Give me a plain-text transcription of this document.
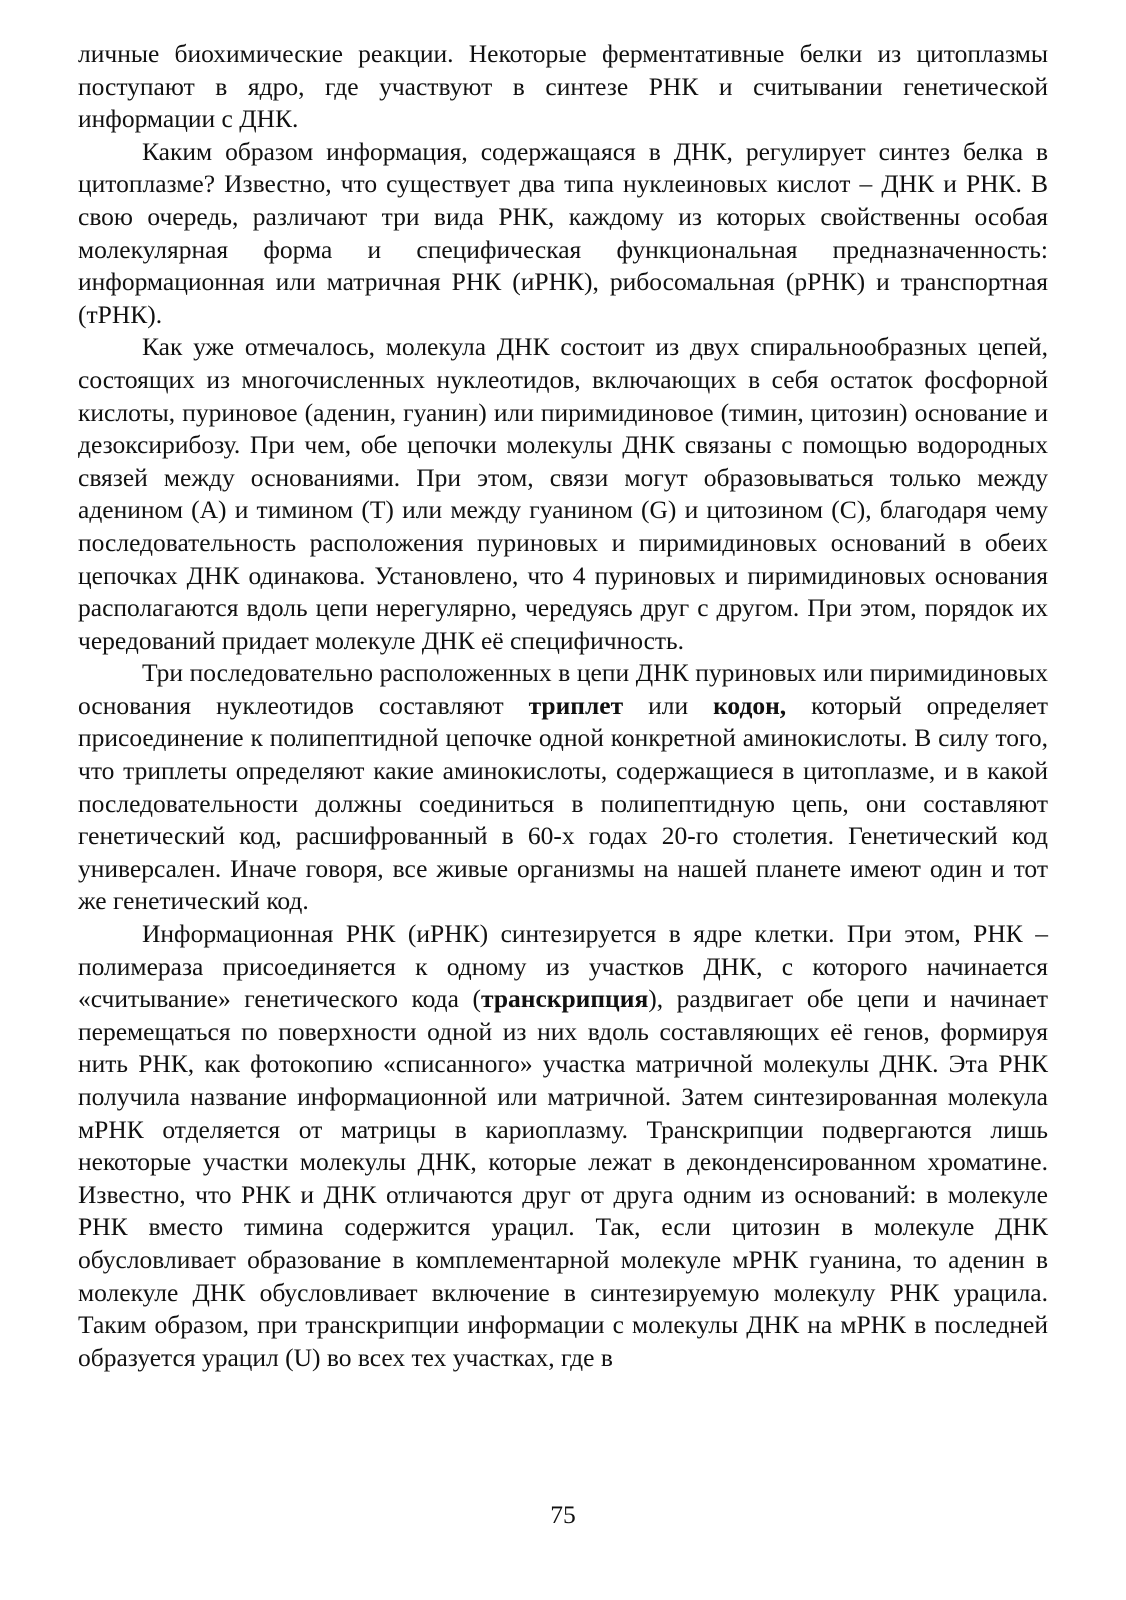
личные биохимические реакции. Некоторые ферментативные белки из цитоплазмы поступают в ядро, где участвуют в синтезе РНК и считывании генетической информации с ДНК.

Каким образом информация, содержащаяся в ДНК, регулирует синтез белка в цитоплазме? Известно, что существует два типа нуклеиновых кислот – ДНК и РНК. В свою очередь, различают три вида РНК, каждому из которых свойственны особая молекулярная форма и специфическая функциональная предназначенность: информационная или матричная РНК (иРНК), рибосомальная (рРНК) и транспортная (тРНК).

Как уже отмечалось, молекула ДНК состоит из двух спиральнообразных цепей, состоящих из многочисленных нуклеотидов, включающих в себя остаток фосфорной кислоты, пуриновое (аденин, гуанин) или пиримидиновое (тимин, цитозин) основание и дезоксирибозу. При чем, обе цепочки молекулы ДНК связаны с помощью водородных связей между основаниями. При этом, связи могут образовываться только между аденином (А) и тимином (Т) или между гуанином (G) и цитозином (С), благодаря чему последовательность расположения пуриновых и пиримидиновых оснований в обеих цепочках ДНК одинакова. Установлено, что 4 пуриновых и пиримидиновых основания располагаются вдоль цепи нерегулярно, чередуясь друг с другом. При этом, порядок их чередований придает молекуле ДНК её специфичность.

Три последовательно расположенных в цепи ДНК пуриновых или пиримидиновых основания нуклеотидов составляют триплет или кодон, который определяет присоединение к полипептидной цепочке одной конкретной аминокислоты. В силу того, что триплеты определяют какие аминокислоты, содержащиеся в цитоплазме, и в какой последовательности должны соединиться в полипептидную цепь, они составляют генетический код, расшифрованный в 60-х годах 20-го столетия. Генетический код универсален. Иначе говоря, все живые организмы на нашей планете имеют один и тот же генетический код.

Информационная РНК (иРНК) синтезируется в ядре клетки. При этом, РНК – полимераза присоединяется к одному из участков ДНК, с которого начинается «считывание» генетического кода (транскрипция), раздвигает обе цепи и начинает перемещаться по поверхности одной из них вдоль составляющих её генов, формируя нить РНК, как фотокопию «списанного» участка матричной молекулы ДНК. Эта РНК получила название информационной или матричной. Затем синтезированная молекула мРНК отделяется от матрицы в кариоплазму. Транскрипции подвергаются лишь некоторые участки молекулы ДНК, которые лежат в деконденсированном хроматине. Известно, что РНК и ДНК отличаются друг от друга одним из оснований: в молекуле РНК вместо тимина содержится урацил. Так, если цитозин в молекуле ДНК обусловливает образование в комплементарной молекуле мРНК гуанина, то аденин в молекуле ДНК обусловливает включение в синтезируемую молекулу РНК урацила. Таким образом, при транскрипции информации с молекулы ДНК на мРНК в последней образуется урацил (U) во всех тех участках, где в

75
